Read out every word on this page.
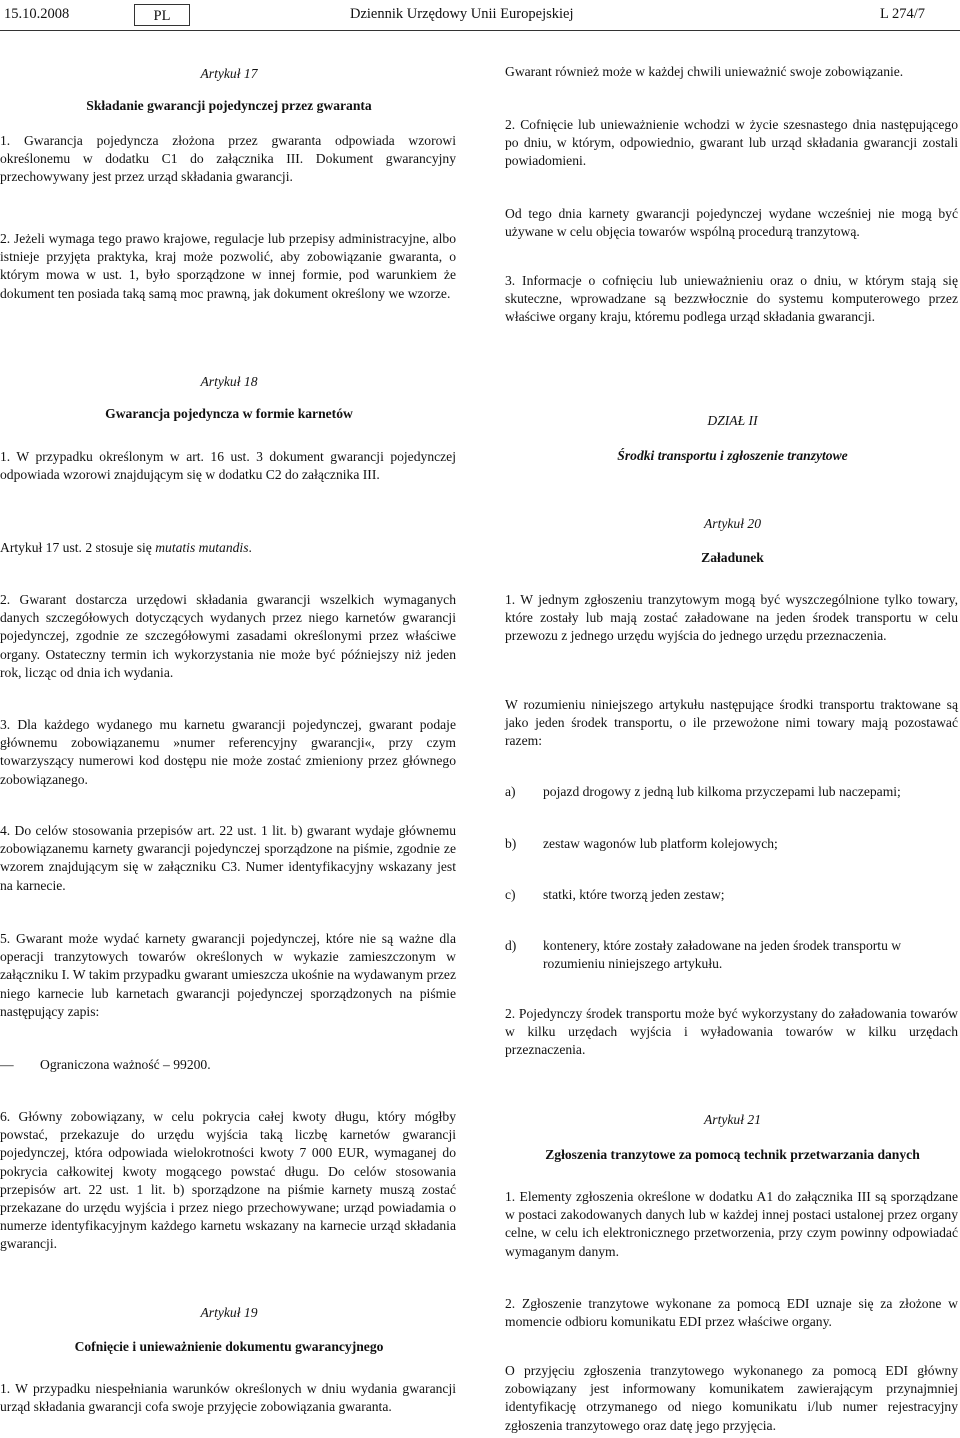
15.10.2008	PL	Dziennik Urzędowy Unii Europejskiej	L 274/7
Artykuł 17
Składanie gwarancji pojedynczej przez gwaranta

1. Gwarancja pojedyncza złożona przez gwaranta odpowiada wzorowi określonemu w dodatku C1 do załącznika III. Dokument gwarancyjny przechowywany jest przez urząd składania gwarancji.

2. Jeżeli wymaga tego prawo krajowe, regulacje lub przepisy administracyjne, albo istnieje przyjęta praktyka, kraj może pozwolić, aby zobowiązanie gwaranta, o którym mowa w ust. 1, było sporządzone w innej formie, pod warunkiem że dokument ten posiada taką samą moc prawną, jak dokument określony we wzorze.

Artykuł 18
Gwarancja pojedyncza w formie karnetów

1. W przypadku określonym w art. 16 ust. 3 dokument gwarancji pojedynczej odpowiada wzorowi znajdującym się w dodatku C2 do załącznika III.

Artykuł 17 ust. 2 stosuje się mutatis mutandis.

2. Gwarant dostarcza urzędowi składania gwarancji wszelkich wymaganych danych szczegółowych dotyczących wydanych przez niego karnetów gwarancji pojedynczej, zgodnie ze szczegółowymi zasadami określonymi przez właściwe organy. Ostateczny termin ich wykorzystania nie może być późniejszy niż jeden rok, licząc od dnia ich wydania.

3. Dla każdego wydanego mu karnetu gwarancji pojedynczej, gwarant podaje głównemu zobowiązanemu »numer referencyjny gwarancji«, przy czym towarzyszący numerowi kod dostępu nie może zostać zmieniony przez głównego zobowiązanego.

4. Do celów stosowania przepisów art. 22 ust. 1 lit. b) gwarant wydaje głównemu zobowiązanemu karnety gwarancji pojedynczej sporządzone na piśmie, zgodnie ze wzorem znajdującym się w załączniku C3. Numer identyfikacyjny wskazany jest na karnecie.

5. Gwarant może wydać karnety gwarancji pojedynczej, które nie są ważne dla operacji tranzytowych towarów określonych w wykazie zamieszczonym w załączniku I. W takim przypadku gwarant umieszcza ukośnie na wydawanym przez niego karnecie lub karnetach gwarancji pojedynczej sporządzonych na piśmie następujący zapis:

— Ograniczona ważność – 99200.

6. Główny zobowiązany, w celu pokrycia całej kwoty długu, który mógłby powstać, przekazuje do urzędu wyjścia taką liczbę karnetów gwarancji pojedynczej, która odpowiada wielokrotności kwoty 7 000 EUR, wymaganej do pokrycia całkowitej kwoty mogącego powstać długu. Do celów stosowania przepisów art. 22 ust. 1 lit. b) sporządzone na piśmie karnety muszą zostać przekazane do urzędu wyjścia i przez niego przechowywane; urząd powiadamia o numerze identyfikacyjnym każdego karnetu wskazany na karnecie urząd składania gwarancji.

Artykuł 19
Cofnięcie i unieważnienie dokumentu gwarancyjnego

1. W przypadku niespełniania warunków określonych w dniu wydania gwarancji urząd składania gwarancji cofa swoje przyjęcie zobowiązania gwaranta.

Gwarant również może w każdej chwili unieważnić swoje zobowiązanie.

2. Cofnięcie lub unieważnienie wchodzi w życie szesnastego dnia następującego po dniu, w którym, odpowiednio, gwarant lub urząd składania gwarancji zostali powiadomieni.

Od tego dnia karnety gwarancji pojedynczej wydane wcześniej nie mogą być używane w celu objęcia towarów wspólną procedurą tranzytową.

3. Informacje o cofnięciu lub unieważnieniu oraz o dniu, w którym stają się skuteczne, wprowadzane są bezzwłocznie do systemu komputerowego przez właściwe organy kraju, któremu podlega urząd składania gwarancji.

DZIAŁ II
Środki transportu i zgłoszenie tranzytowe
Artykuł 20
Załadunek

1. W jednym zgłoszeniu tranzytowym mogą być wyszczególnione tylko towary, które zostały lub mają zostać załadowane na jeden środek transportu w celu przewozu z jednego urzędu wyjścia do jednego urzędu przeznaczenia.

W rozumieniu niniejszego artykułu następujące środki transportu traktowane są jako jeden środek transportu, o ile przewożone nimi towary mają pozostawać razem:

a) pojazd drogowy z jedną lub kilkoma przyczepami lub naczepami;
b) zestaw wagonów lub platform kolejowych;
c) statki, które tworzą jeden zestaw;
d) kontenery, które zostały załadowane na jeden środek transportu w rozumieniu niniejszego artykułu.

2. Pojedynczy środek transportu może być wykorzystany do załadowania towarów w kilku urzędach wyjścia i wyładowania towarów w kilku urzędach przeznaczenia.

Artykuł 21
Zgłoszenia tranzytowe za pomocą technik przetwarzania danych

1. Elementy zgłoszenia określone w dodatku A1 do załącznika III są sporządzane w postaci zakodowanych danych lub w każdej innej postaci ustalonej przez organy celne, w celu ich elektronicznego przetworzenia, przy czym powinny odpowiadać wymaganym danym.

2. Zgłoszenie tranzytowe wykonane za pomocą EDI uznaje się za złożone w momencie odbioru komunikatu EDI przez właściwe organy.

O przyjęciu zgłoszenia tranzytowego wykonanego za pomocą EDI główny zobowiązany jest informowany komunikatem zawierającym przynajmniej identyfikację otrzymanego od niego komunikatu i/lub numer rejestracyjny zgłoszenia tranzytowego oraz datę jego przyjęcia.
